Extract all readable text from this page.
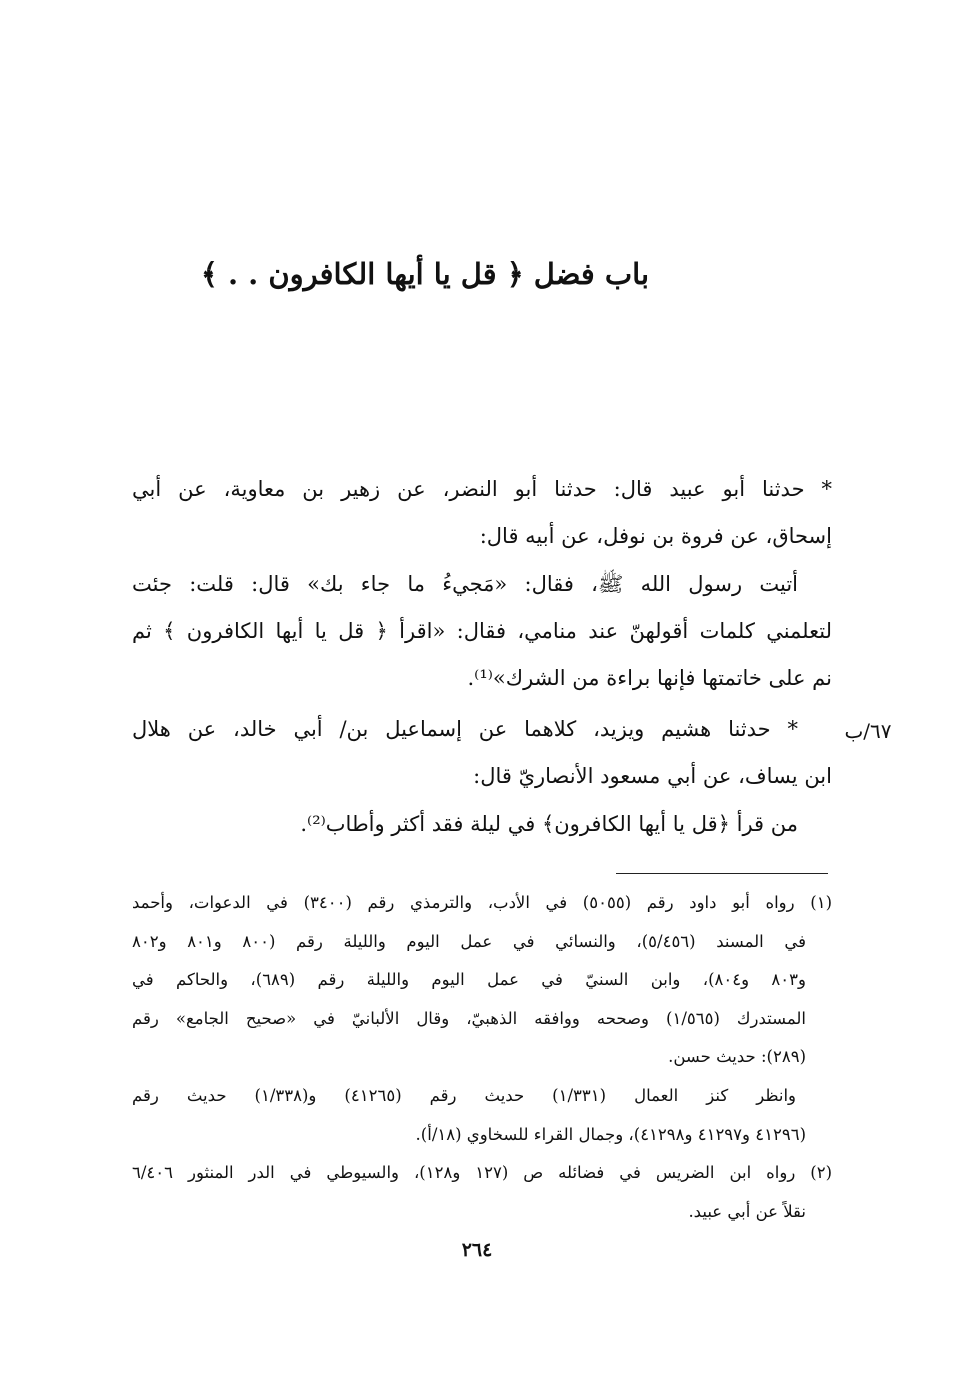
باب فضل ﴿ قل يا أيها الكافرون . . ﴾
* حدثنا أبو عبيد قال: حدثنا أبو النضر، عن زهير بن معاوية، عن أبي
إسحاق، عن فروة بن نوفل، عن أبيه قال:
أتيت رسول الله ﷺ، فقال: «مَجيءُ ما جاء بك» قال: قلت: جئت
لتعلمني كلمات أقولهنّ عند منامي، فقال: «اقرأ ﴿ قل يا أيها الكافرون ﴾ ثم
نم على خاتمتها فإنها براءة من الشرك»⁽¹⁾.
٦٧/ب
* حدثنا هشيم ويزيد، كلاهما عن إسماعيل بن/ أبي خالد، عن هلال
ابن يساف، عن أبي مسعود الأنصاريّ قال:
من قرأ ﴿قل يا أيها الكافرون﴾ في ليلة فقد أكثر وأطاب⁽²⁾.
(١) رواه أبو داود رقم (٥٠٥٥) في الأدب، والترمذي رقم (٣٤٠٠) في الدعوات، وأحمد
في المسند (٥/٤٥٦)، والنسائي في عمل اليوم والليلة رقم (٨٠٠ و٨٠١ و٨٠٢
و٨٠٣ و٨٠٤)، وابن السنيّ في عمل اليوم والليلة رقم (٦٨٩)، والحاكم في
المستدرك (١/٥٦٥) وصححه ووافقه الذهبيّ، وقال الألبانيّ في «صحيح الجامع» رقم
(٢٨٩): حديث حسن.
وانظر كنز العمال (١/٣٣١) حديث رقم (٤١٢٦٥) و(١/٣٣٨) حديث رقم
(٤١٢٩٦ و٤١٢٩٧ و٤١٢٩٨)، وجمال القراء للسخاوي (١٨/أ).
(٢) رواه ابن الضريس في فضائله ص (١٢٧ و١٢٨)، والسيوطي في الدر المنثور ٦/٤٠٦
نقلاً عن أبي عبيد.
٢٦٤
